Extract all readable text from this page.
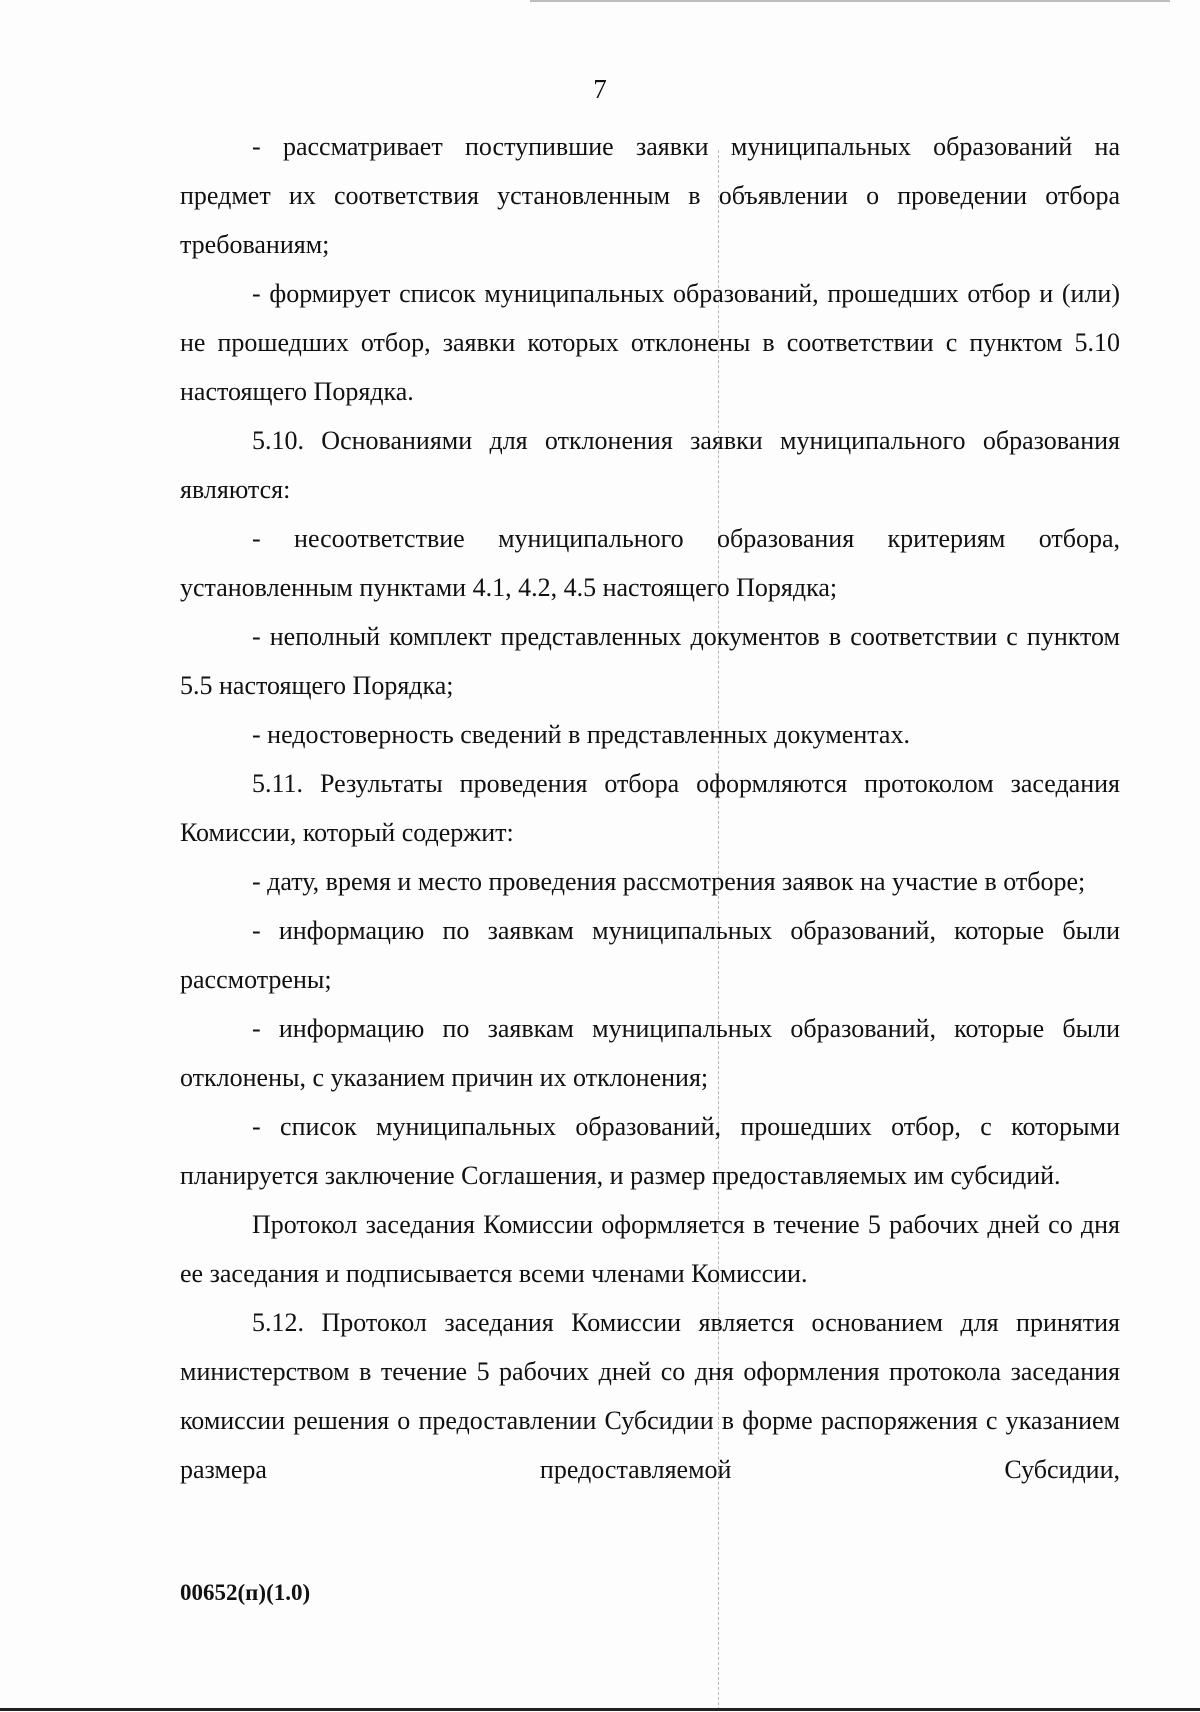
7

- рассматривает поступившие заявки муниципальных образований на предмет их соответствия установленным в объявлении о проведении отбора требованиям;

- формирует список муниципальных образований, прошедших отбор и (или) не прошедших отбор, заявки которых отклонены в соответствии с пунктом 5.10 настоящего Порядка.

5.10. Основаниями для отклонения заявки муниципального образования являются:

- несоответствие муниципального образования критериям отбора, установленным пунктами 4.1, 4.2, 4.5 настоящего Порядка;

- неполный комплект представленных документов в соответствии с пунктом 5.5 настоящего Порядка;

- недостоверность сведений в представленных документах.

5.11. Результаты проведения отбора оформляются протоколом заседания Комиссии, который содержит:

- дату, время и место проведения рассмотрения заявок на участие в отборе;

- информацию по заявкам муниципальных образований, которые были рассмотрены;

- информацию по заявкам муниципальных образований, которые были отклонены, с указанием причин их отклонения;

- список муниципальных образований, прошедших отбор, с которыми планируется заключение Соглашения, и размер предоставляемых им субсидий.

Протокол заседания Комиссии оформляется в течение 5 рабочих дней со дня ее заседания и подписывается всеми членами Комиссии.

5.12. Протокол заседания Комиссии является основанием для принятия министерством в течение 5 рабочих дней со дня оформления протокола заседания комиссии решения о предоставлении Субсидии в форме распоряжения с указанием размера предоставляемой Субсидии,

00652(п)(1.0)
